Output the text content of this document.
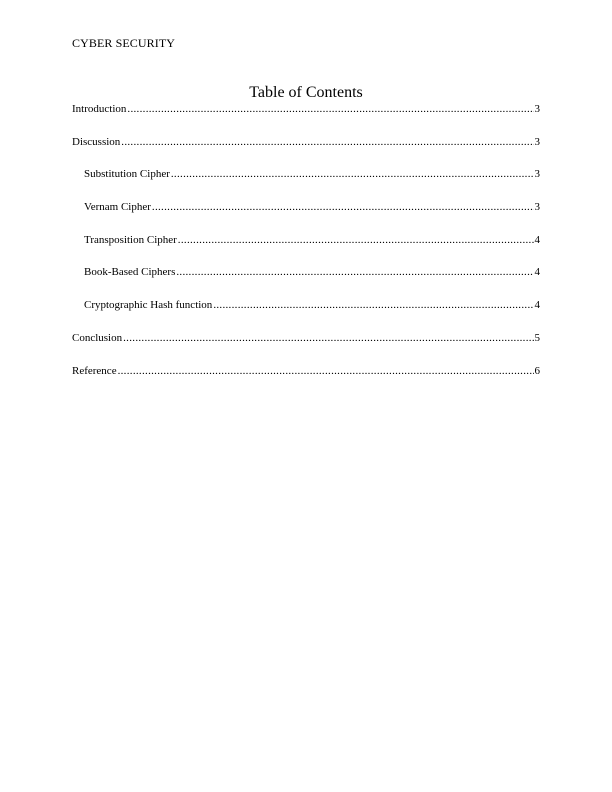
CYBER SECURITY
Table of Contents
Introduction .....	3
Discussion .....	3
Substitution Cipher .....	3
Vernam Cipher .....	3
Transposition Cipher .....	4
Book-Based Ciphers .....	4
Cryptographic Hash function .....	4
Conclusion .....	5
Reference .....	6
